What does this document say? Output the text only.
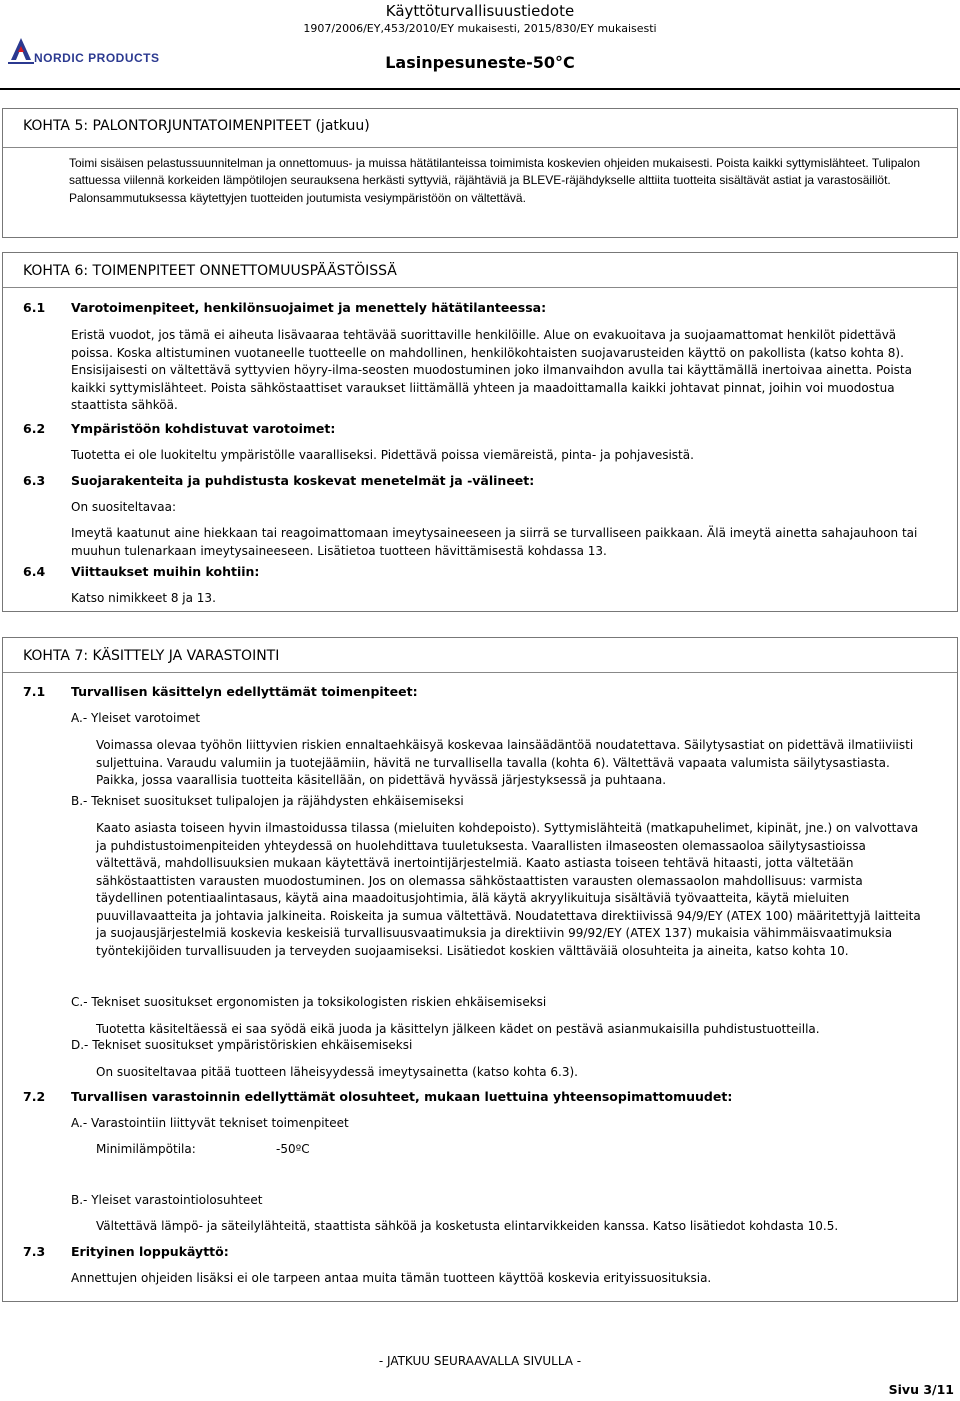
Käyttöturvallisuustiedote
1907/2006/EY,453/2010/EY mukaisesti, 2015/830/EY mukaisesti
NORDIC PRODUCTS	Lasinpesuneste-50°C
KOHTA 5: PALONTORJUNTATOIMENPITEET (jatkuu)

Toimi sisäisen pelastussuunnitelman ja onnettomuus- ja muissa hätätilanteissa toimimista koskevien ohjeiden mukaisesti. Poista kaikki syttymislähteet. Tulipalon sattuessa viilennä korkeiden lämpötilojen seurauksena herkästi syttyviä, räjähtäviä ja BLEVE-räjähdykselle alttiita tuotteita sisältävät astiat ja varastosäiliöt. Palonsammutuksessa käytettyjen tuotteiden joutumista vesiympäristöön on vältettävä.

KOHTA 6: TOIMENPITEET ONNETTOMUUSPÄÄSTÖISSÄ
6.1 Varotoimenpiteet, henkilönsuojaimet ja menettely hätätilanteessa:

Eristä vuodot, jos tämä ei aiheuta lisävaaraa tehtävää suorittaville henkilöille. Alue on evakuoitava ja suojaamattomat henkilöt pidettävä poissa. Koska altistuminen vuotaneelle tuotteelle on mahdollinen, henkilökohtaisten suojavarusteiden käyttö on pakollista (katso kohta 8). Ensisijaisesti on vältettävä syttyvien höyry-ilma-seosten muodostuminen joko ilmanvaihdon avulla tai käyttämällä inertoivaa ainetta. Poista kaikki syttymislähteet. Poista sähköstaattiset varaukset liittämällä yhteen ja maadoittamalla kaikki johtavat pinnat, joihin voi muodostua staattista sähköä.

6.2 Ympäristöön kohdistuvat varotoimet:

Tuotetta ei ole luokiteltu ympäristölle vaaralliseksi. Pidettävä poissa viemäreistä, pinta- ja pohjavesistä.

6.3 Suojarakenteita ja puhdistusta koskevat menetelmät ja -välineet:

On suositeltavaa:

Imeytä kaatunut aine hiekkaan tai reagoimattomaan imeytysaineeseen ja siirrä se turvalliseen paikkaan. Älä imeytä ainetta sahajauhoon tai muuhun tulenarkaan imeytysaineeseen. Lisätietoa tuotteen hävittämisestä kohdassa 13.

6.4 Viittaukset muihin kohtiin:

Katso nimikkeet 8 ja 13.

KOHTA 7: KÄSITTELY JA VARASTOINTI
7.1 Turvallisen käsittelyn edellyttämät toimenpiteet:

A.- Yleiset varotoimet

Voimassa olevaa työhön liittyvien riskien ennaltaehkäisyä koskevaa lainsäädäntöä noudatettava. Säilytysastiat on pidettävä ilmatiiviisti suljettuina. Varaudu valumiin ja tuotejäämiin, hävitä ne turvallisella tavalla (kohta 6). Vältettävä vapaata valumista säilytysastiasta. Paikka, jossa vaarallisia tuotteita käsitellään, on pidettävä hyvässä järjestyksessä ja puhtaana.

B.- Tekniset suositukset tulipalojen ja räjähdysten ehkäisemiseksi

Kaato asiasta toiseen hyvin ilmastoidussa tilassa (mieluiten kohdepoisto). Syttymislähteitä (matkapuhelimet, kipinät, jne.) on valvottava ja puhdistustoimenpiteiden yhteydessä on huolehdittava tuuletuksesta. Vaarallisten ilmaseosten olemassaoloa säilytysastioissa vältettävä, mahdollisuuksien mukaan käytettävä inertointijärjestelmiä. Kaato astiasta toiseen tehtävä hitaasti, jotta vältetään sähköstaattisten varausten muodostuminen. Jos on olemassa sähköstaattisten varausten olemassaolon mahdollisuus: varmista täydellinen potentiaalintasaus, käytä aina maadoitusjohtimia, älä käytä akryylikuituja sisältäviä työvaatteita, käytä mieluiten puuvillavaatteita ja johtavia jalkineita. Roiskeita ja sumua vältettävä. Noudatettava direktiivissä 94/9/EY (ATEX 100) määritettyjä laitteita ja suojausjärjestelmiä koskevia keskeisiä turvallisuusvaatimuksia ja direktiivin 99/92/EY (ATEX 137) mukaisia vähimmäisvaatimuksia työntekijöiden turvallisuuden ja terveyden suojaamiseksi. Lisätiedot koskien välttäväiä olosuhteita ja aineita, katso kohta 10.

C.- Tekniset suositukset ergonomisten ja toksikologisten riskien ehkäisemiseksi

Tuotetta käsiteltäessä ei saa syödä eikä juoda ja käsittelyn jälkeen kädet on pestävä asianmukaisilla puhdistustuotteilla.

D.- Tekniset suositukset ympäristöriskien ehkäisemiseksi

On suositeltavaa pitää tuotteen läheisyydessä imeytysainetta (katso kohta 6.3).

7.2 Turvallisen varastoinnin edellyttämät olosuhteet, mukaan luettuina yhteensopimattomuudet:

A.- Varastointiin liittyvät tekniset toimenpiteet

Minimilämpötila:	-50ºC

B.- Yleiset varastointiolosuhteet

Vältettävä lämpö- ja säteilylähteitä, staattista sähköä ja kosketusta elintarvikkeiden kanssa. Katso lisätiedot kohdasta 10.5.

7.3 Erityinen loppukäyttö:

Annettujen ohjeiden lisäksi ei ole tarpeen antaa muita tämän tuotteen käyttöä koskevia erityissuosituksia.

- JATKUU SEURAAVALLA SIVULLA -
Sivu 3/11
